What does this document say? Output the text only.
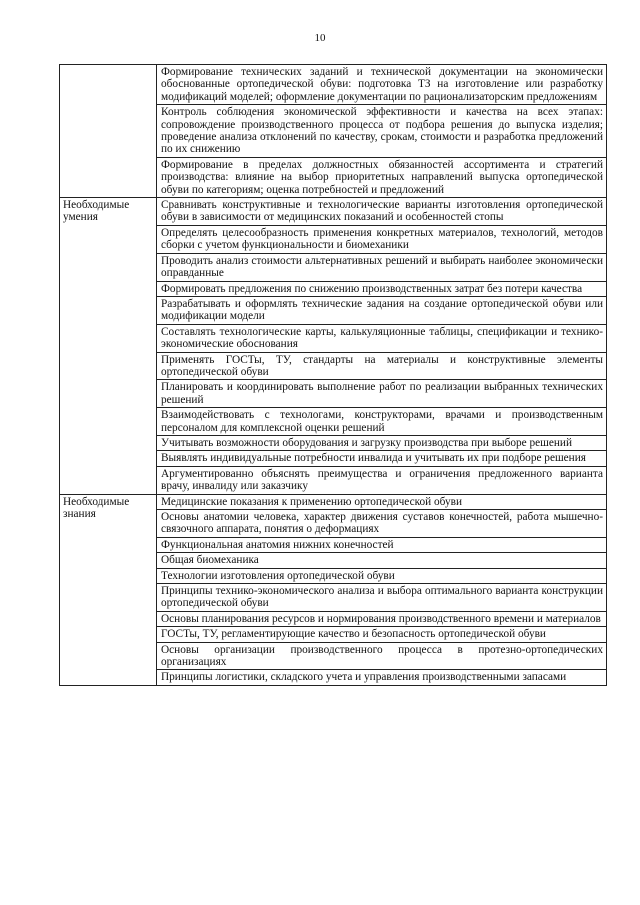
10
	Формирование технических заданий и технической документации на экономически обоснованные ортопедической обуви: подготовка ТЗ на изготовление или разработку модификаций моделей; оформление документации по рационализаторским предложениям
	Контроль соблюдения экономической эффективности и качества на всех этапах: сопровождение производственного процесса от подбора решения до выпуска изделия; проведение анализа отклонений по качеству, срокам, стоимости и разработка предложений по их снижению
	Формирование в пределах должностных обязанностей ассортимента и стратегий производства: влияние на выбор приоритетных направлений выпуска ортопедической обуви по категориям; оценка потребностей и предложений
Необходимые умения	Сравнивать конструктивные и технологические варианты изготовления ортопедической обуви в зависимости от медицинских показаний и особенностей стопы
	Определять целесообразность применения конкретных материалов, технологий, методов сборки с учетом функциональности и биомеханики
	Проводить анализ стоимости альтернативных решений и выбирать наиболее экономически оправданные
	Формировать предложения по снижению производственных затрат без потери качества
	Разрабатывать и оформлять технические задания на создание ортопедической обуви или модификации модели
	Составлять технологические карты, калькуляционные таблицы, спецификации и технико-экономические обоснования
	Применять ГОСТы, ТУ, стандарты на материалы и конструктивные элементы ортопедической обуви
	Планировать и координировать выполнение работ по реализации выбранных технических решений
	Взаимодействовать с технологами, конструкторами, врачами и производственным персоналом для комплексной оценки решений
	Учитывать возможности оборудования и загрузку производства при выборе решений
	Выявлять индивидуальные потребности инвалида и учитывать их при подборе решения
	Аргументированно объяснять преимущества и ограничения предложенного варианта врачу, инвалиду или заказчику
Необходимые знания	Медицинские показания к применению ортопедической обуви
	Основы анатомии человека, характер движения суставов конечностей, работа мышечно-связочного аппарата, понятия о деформациях
	Функциональная анатомия нижних конечностей
	Общая биомеханика
	Технологии изготовления ортопедической обуви
	Принципы технико-экономического анализа и выбора оптимального варианта конструкции ортопедической обуви
	Основы планирования ресурсов и нормирования производственного времени и материалов
	ГОСТы, ТУ, регламентирующие качество и безопасность ортопедической обуви
	Основы организации производственного процесса в протезно-ортопедических организациях
	Принципы логистики, складского учета и управления производственными запасами
